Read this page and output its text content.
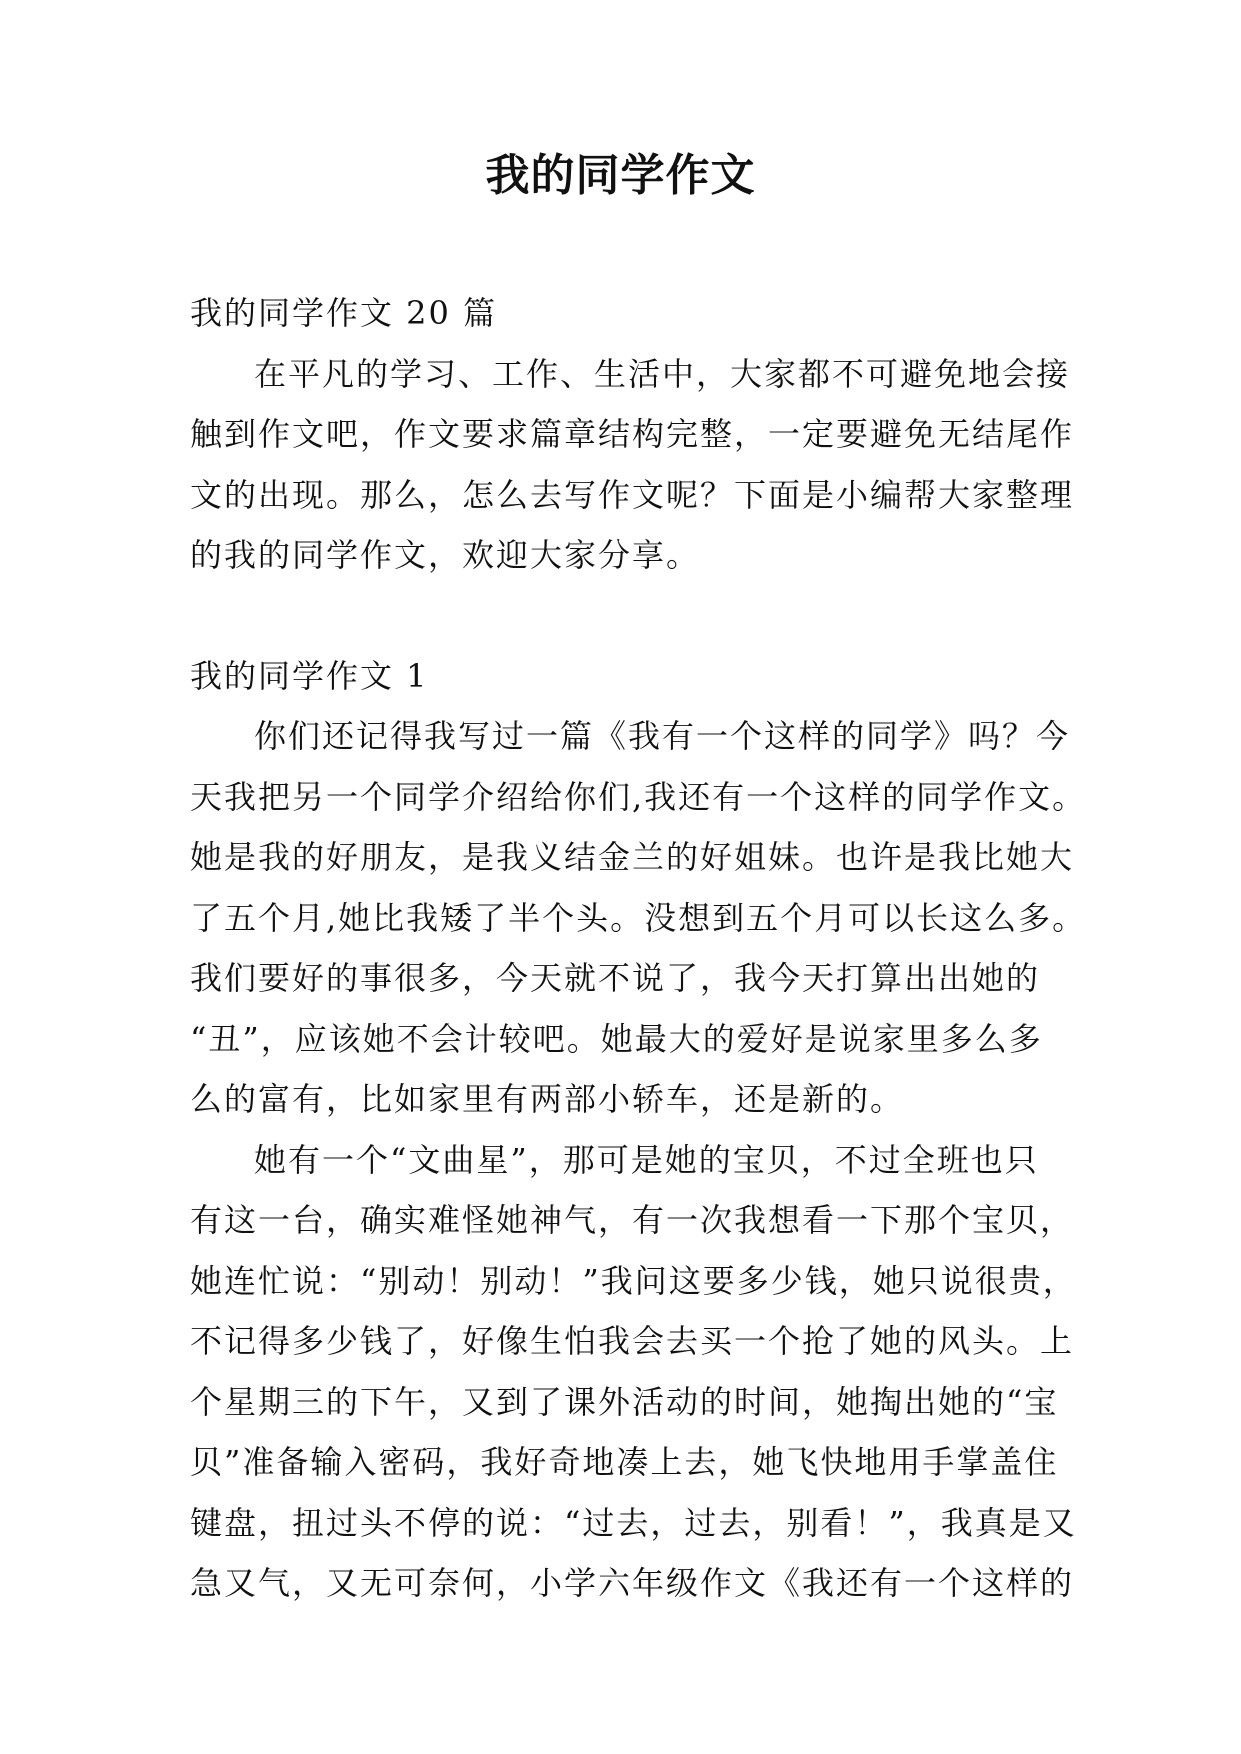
我的同学作文
我的同学作文 20 篇
在平凡的学习、工作、生活中，大家都不可避免地会接
触到作文吧，作文要求篇章结构完整，一定要避免无结尾作
文的出现。那么，怎么去写作文呢？下面是小编帮大家整理
的我的同学作文，欢迎大家分享。
我的同学作文 1
你们还记得我写过一篇《我有一个这样的同学》吗？今
天我把另一个同学介绍给你们,我还有一个这样的同学作文。
她是我的好朋友，是我义结金兰的好姐妹。也许是我比她大
了五个月,她比我矮了半个头。没想到五个月可以长这么多。
我们要好的事很多，今天就不说了，我今天打算出出她的
“丑”，应该她不会计较吧。她最大的爱好是说家里多么多
么的富有，比如家里有两部小轿车，还是新的。
她有一个“文曲星”，那可是她的宝贝，不过全班也只
有这一台，确实难怪她神气，有一次我想看一下那个宝贝，
她连忙说：“别动！别动！”我问这要多少钱，她只说很贵，
不记得多少钱了，好像生怕我会去买一个抢了她的风头。上
个星期三的下午，又到了课外活动的时间，她掏出她的“宝
贝”准备输入密码，我好奇地凑上去，她飞快地用手掌盖住
键盘，扭过头不停的说：“过去，过去，别看！”，我真是又
急又气，又无可奈何，小学六年级作文《我还有一个这样的
